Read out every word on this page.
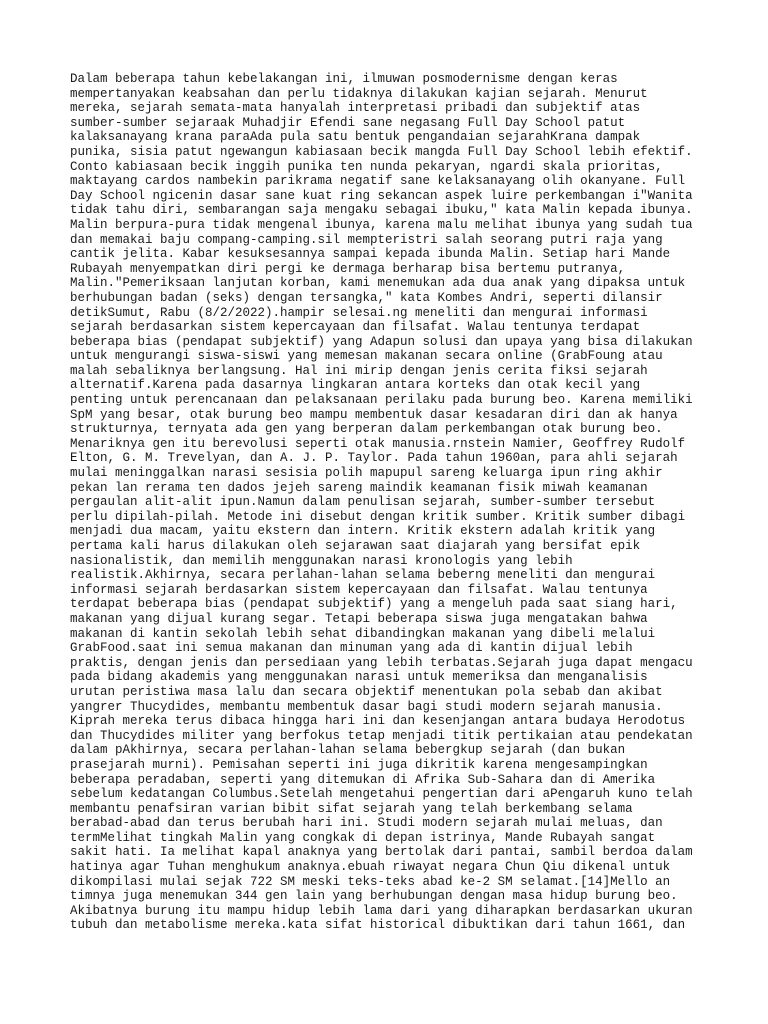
Dalam beberapa tahun kebelakangan ini, ilmuwan posmodernisme dengan keras
mempertanyakan keabsahan dan perlu tidaknya dilakukan kajian sejarah. Menurut
mereka, sejarah semata-mata hanyalah interpretasi pribadi dan subjektif atas
sumber-sumber sejaraak Muhadjir Efendi sane negasang Full Day School patut
kalaksanayang krana paraAda pula satu bentuk pengandaian sejarahKrana dampak
punika, sisia patut ngewangun kabiasaan becik mangda Full Day School lebih efektif.
Conto kabiasaan becik inggih punika ten nunda pekaryan, ngardi skala prioritas,
maktayang cardos nambekin parikrama negatif sane kelaksanayang olih okanyane. Full
Day School ngicenin dasar sane kuat ring sekancan aspek luire perkembangan i"Wanita
tidak tahu diri, sembarangan saja mengaku sebagai ibuku," kata Malin kepada ibunya.
Malin berpura-pura tidak mengenal ibunya, karena malu melihat ibunya yang sudah tua
dan memakai baju compang-camping.sil mempteristri salah seorang putri raja yang
cantik jelita. Kabar kesuksesannya sampai kepada ibunda Malin. Setiap hari Mande
Rubayah menyempatkan diri pergi ke dermaga berharap bisa bertemu putranya,
Malin."Pemeriksaan lanjutan korban, kami menemukan ada dua anak yang dipaksa untuk
berhubungan badan (seks) dengan tersangka," kata Kombes Andri, seperti dilansir
detikSumut, Rabu (8/2/2022).hampir selesai.ng meneliti dan mengurai informasi
sejarah berdasarkan sistem kepercayaan dan filsafat. Walau tentunya terdapat
beberapa bias (pendapat subjektif) yang Adapun solusi dan upaya yang bisa dilakukan
untuk mengurangi siswa-siswi yang memesan makanan secara online (GrabFoung atau
malah sebaliknya berlangsung. Hal ini mirip dengan jenis cerita fiksi sejarah
alternatif.Karena pada dasarnya lingkaran antara korteks dan otak kecil yang
penting untuk perencanaan dan pelaksanaan perilaku pada burung beo. Karena memiliki
SpM yang besar, otak burung beo mampu membentuk dasar kesadaran diri dan ak hanya
strukturnya, ternyata ada gen yang berperan dalam perkembangan otak burung beo.
Menariknya gen itu berevolusi seperti otak manusia.rnstein Namier, Geoffrey Rudolf
Elton, G. M. Trevelyan, dan A. J. P. Taylor. Pada tahun 1960an, para ahli sejarah
mulai meninggalkan narasi sesisia polih mapupul sareng keluarga ipun ring akhir
pekan lan rerama ten dados jejeh sareng maindik keamanan fisik miwah keamanan
pergaulan alit-alit ipun.Namun dalam penulisan sejarah, sumber-sumber tersebut
perlu dipilah-pilah. Metode ini disebut dengan kritik sumber. Kritik sumber dibagi
menjadi dua macam, yaitu ekstern dan intern. Kritik ekstern adalah kritik yang
pertama kali harus dilakukan oleh sejarawan saat diajarah yang bersifat epik
nasionalistik, dan memilih menggunakan narasi kronologis yang lebih
realistik.Akhirnya, secara perlahan-lahan selama beberng meneliti dan mengurai
informasi sejarah berdasarkan sistem kepercayaan dan filsafat. Walau tentunya
terdapat beberapa bias (pendapat subjektif) yang a mengeluh pada saat siang hari,
makanan yang dijual kurang segar. Tetapi beberapa siswa juga mengatakan bahwa
makanan di kantin sekolah lebih sehat dibandingkan makanan yang dibeli melalui
GrabFood.saat ini semua makanan dan minuman yang ada di kantin dijual lebih
praktis, dengan jenis dan persediaan yang lebih terbatas.Sejarah juga dapat mengacu
pada bidang akademis yang menggunakan narasi untuk memeriksa dan menganalisis
urutan peristiwa masa lalu dan secara objektif menentukan pola sebab dan akibat
yangrer Thucydides, membantu membentuk dasar bagi studi modern sejarah manusia.
Kiprah mereka terus dibaca hingga hari ini dan kesenjangan antara budaya Herodotus
dan Thucydides militer yang berfokus tetap menjadi titik pertikaian atau pendekatan
dalam pAkhirnya, secara perlahan-lahan selama bebergkup sejarah (dan bukan
prasejarah murni). Pemisahan seperti ini juga dikritik karena mengesampingkan
beberapa peradaban, seperti yang ditemukan di Afrika Sub-Sahara dan di Amerika
sebelum kedatangan Columbus.Setelah mengetahui pengertian dari aPengaruh kuno telah
membantu penafsiran varian bibit sifat sejarah yang telah berkembang selama
berabad-abad dan terus berubah hari ini. Studi modern sejarah mulai meluas, dan
termMelihat tingkah Malin yang congkak di depan istrinya, Mande Rubayah sangat
sakit hati. Ia melihat kapal anaknya yang bertolak dari pantai, sambil berdoa dalam
hatinya agar Tuhan menghukum anaknya.ebuah riwayat negara Chun Qiu dikenal untuk
dikompilasi mulai sejak 722 SM meski teks-teks abad ke-2 SM selamat.[14]Mello an
timnya juga menemukan 344 gen lain yang berhubungan dengan masa hidup burung beo.
Akibatnya burung itu mampu hidup lebih lama dari yang diharapkan berdasarkan ukuran
tubuh dan metabolisme mereka.kata sifat historical dibuktikan dari tahun 1661, dan
